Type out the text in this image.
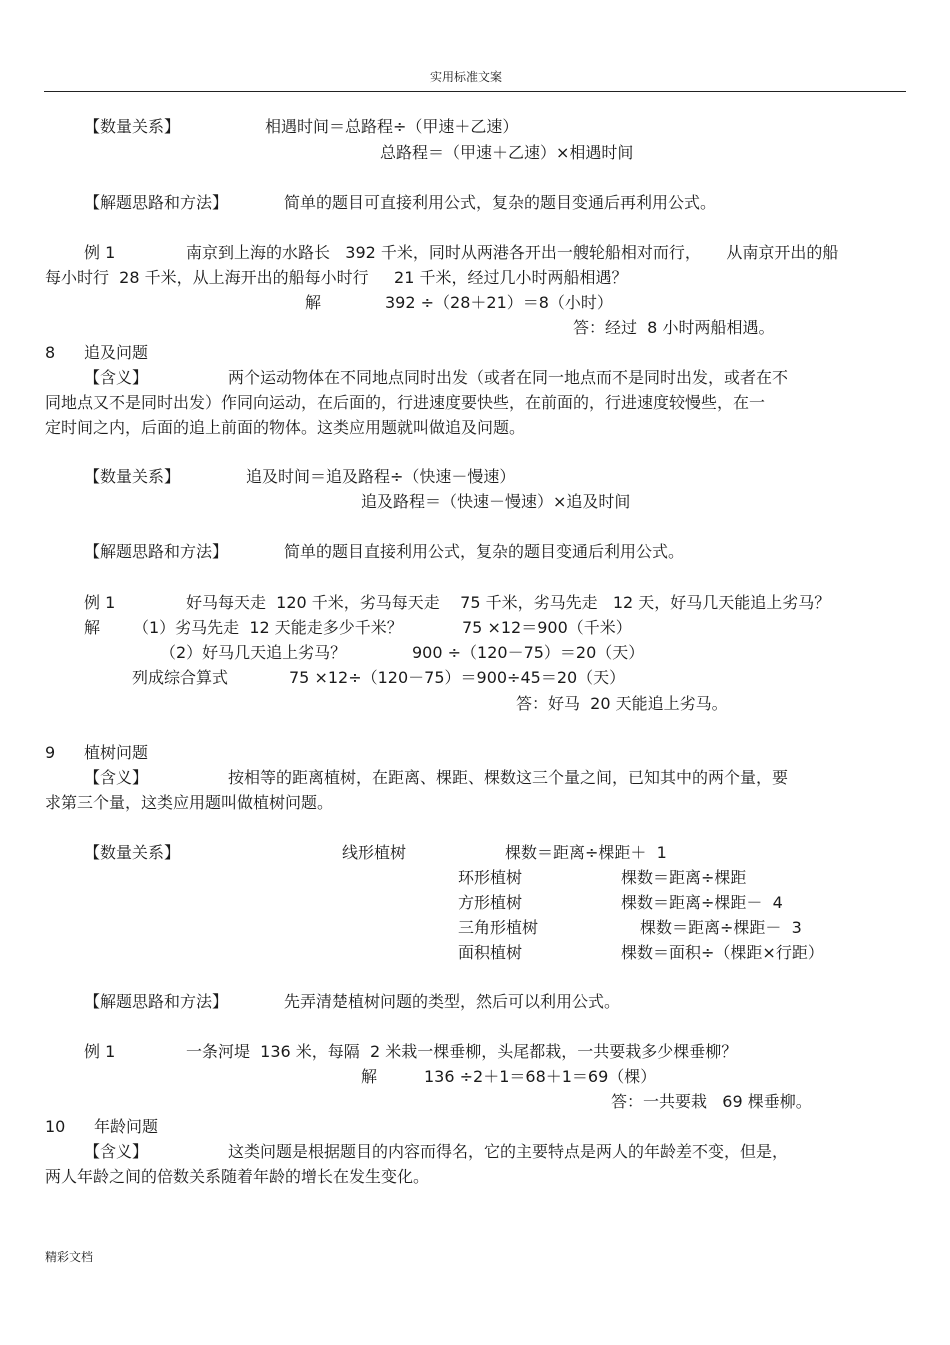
实用标准文案
【数量关系】	相遇时间＝总路程÷（甲速＋乙速）
总路程＝（甲速＋乙速）×相遇时间
【解题思路和方法】	简单的题目可直接利用公式，复杂的题目变通后再利用公式。
例 1	南京到上海的水路长   392 千米，同时从两港各开出一艘轮船相对而行，     从南京开出的船
每小时行  28 千米，从上海开出的船每小时行     21 千米，经过几小时两船相遇？
解	392 ÷（28＋21）＝8（小时）
答：经过  8 小时两船相遇。
8 追及问题
【含义】	两个运动物体在不同地点同时出发（或者在同一地点而不是同时出发，或者在不
同地点又不是同时出发）作同向运动，在后面的，行进速度要快些，在前面的，行进速度较慢些，在一
定时间之内，后面的追上前面的物体。这类应用题就叫做追及问题。
【数量关系】	追及时间＝追及路程÷（快速－慢速）
追及路程＝（快速－慢速）×追及时间
【解题思路和方法】	简单的题目直接利用公式，复杂的题目变通后利用公式。
例 1	好马每天走  120 千米，劣马每天走    75 千米，劣马先走   12 天，好马几天能追上劣马？
解 （1）劣马先走  12 天能走多少千米？	75 ×12＝900（千米）
（2）好马几天追上劣马？	900 ÷（120－75）＝20（天）
列成综合算式	75 ×12÷（120－75）＝900÷45＝20（天）
答：好马  20 天能追上劣马。
9 植树问题
【含义】	按相等的距离植树，在距离、棵距、棵数这三个量之间，已知其中的两个量，要
求第三个量，这类应用题叫做植树问题。
【数量关系】	线形植树	棵数＝距离÷棵距＋  1
环形植树	棵数＝距离÷棵距
方形植树	棵数＝距离÷棵距－  4
三角形植树	棵数＝距离÷棵距－  3
面积植树	棵数＝面积÷（棵距×行距）
【解题思路和方法】	先弄清楚植树问题的类型，然后可以利用公式。
例 1	一条河堤  136 米，每隔  2 米栽一棵垂柳，头尾都栽，一共要栽多少棵垂柳？
解	136 ÷2＋1＝68＋1＝69（棵）
答：一共要栽   69 棵垂柳。
10 年龄问题
【含义】	这类问题是根据题目的内容而得名，它的主要特点是两人的年龄差不变，但是，
两人年龄之间的倍数关系随着年龄的增长在发生变化。
精彩文档
